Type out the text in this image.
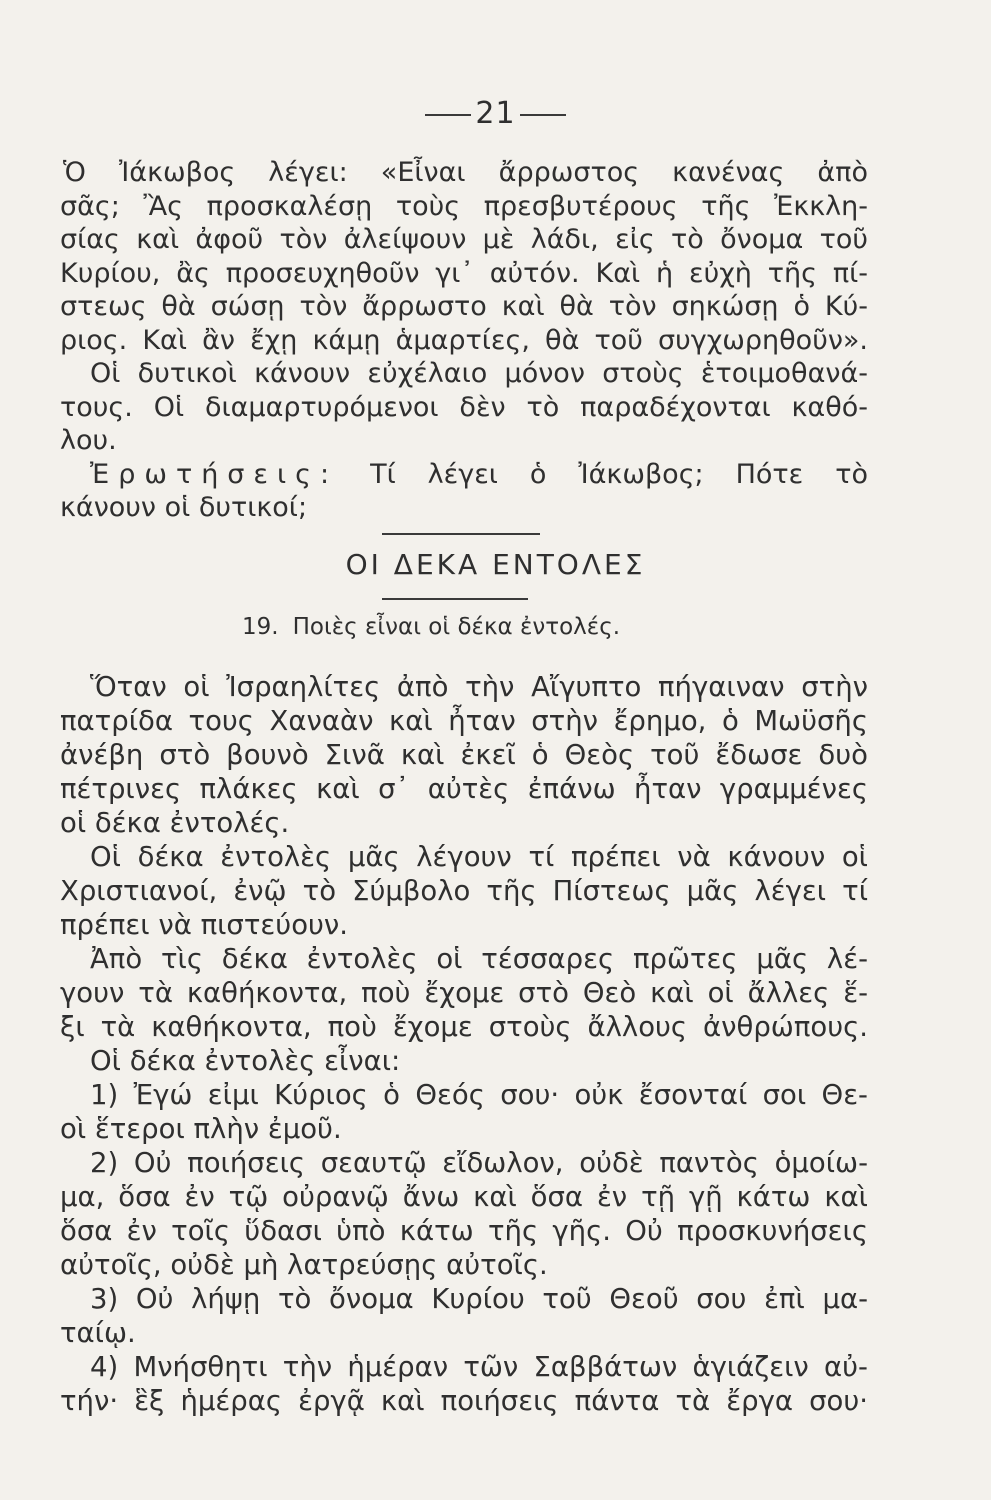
21
Ὁ Ἰάκωβος λέγει: «Εἶναι ἄρρωστος κανένας ἀπὸ
σᾶς; Ἂς προσκαλέσῃ τοὺς πρεσβυτέρους τῆς Ἐκκλη-
σίας καὶ ἀφοῦ τὸν ἀλείψουν μὲ λάδι, εἰς τὸ ὄνομα τοῦ
Κυρίου, ἂς προσευχηθοῦν γι᾽ αὐτόν. Καὶ ἡ εὐχὴ τῆς πί-
στεως θὰ σώσῃ τὸν ἄρρωστο καὶ θὰ τὸν σηκώσῃ ὁ Κύ-
ριος. Καὶ ἂν ἔχῃ κάμῃ ἁμαρτίες, θὰ τοῦ συγχωρηθοῦν».
Οἱ δυτικοὶ κάνουν εὐχέλαιο μόνον στοὺς ἑτοιμοθανά-
τους. Οἱ διαμαρτυρόμενοι δὲν τὸ παραδέχονται καθό-
λου.
Ἐρωτήσεις: Τί λέγει ὁ Ἰάκωβος; Πότε τὸ
κάνουν οἱ δυτικοί;
ΟΙ ΔΕΚΑ ΕΝΤΟΛΕΣ
19. Ποιὲς εἶναι οἱ δέκα ἐντολές.
Ὅταν οἱ Ἰσραηλίτες ἀπὸ τὴν Αἴγυπτο πήγαιναν στὴν
πατρίδα τους Χαναὰν καὶ ἦταν στὴν ἔρημο, ὁ Μωϋσῆς
ἀνέβη στὸ βουνὸ Σινᾶ καὶ ἐκεῖ ὁ Θεὸς τοῦ ἔδωσε δυὸ
πέτρινες πλάκες καὶ σ᾽ αὐτὲς ἐπάνω ἦταν γραμμένες
οἱ δέκα ἐντολές.
Οἱ δέκα ἐντολὲς μᾶς λέγουν τί πρέπει νὰ κάνουν οἱ
Χριστιανοί, ἐνῷ τὸ Σύμβολο τῆς Πίστεως μᾶς λέγει τί
πρέπει νὰ πιστεύουν.
Ἀπὸ τὶς δέκα ἐντολὲς οἱ τέσσαρες πρῶτες μᾶς λέ-
γουν τὰ καθήκοντα, ποὺ ἔχομε στὸ Θεὸ καὶ οἱ ἄλλες ἕ-
ξι τὰ καθήκοντα, ποὺ ἔχομε στοὺς ἄλλους ἀνθρώπους.
Οἱ δέκα ἐντολὲς εἶναι:
1) Ἐγώ εἰμι Κύριος ὁ Θεός σου· οὐκ ἔσονταί σοι Θε-
οὶ ἕτεροι πλὴν ἐμοῦ.
2) Οὐ ποιήσεις σεαυτῷ εἴδωλον, οὐδὲ παντὸς ὁμοίω-
μα, ὅσα ἐν τῷ οὐρανῷ ἄνω καὶ ὅσα ἐν τῇ γῇ κάτω καὶ
ὅσα ἐν τοῖς ὕδασι ὑπὸ κάτω τῆς γῆς. Οὐ προσκυνήσεις
αὐτοῖς, οὐδὲ μὴ λατρεύσῃς αὐτοῖς.
3) Οὐ λήψῃ τὸ ὄνομα Κυρίου τοῦ Θεοῦ σου ἐπὶ μα-
ταίῳ.
4) Μνήσθητι τὴν ἡμέραν τῶν Σαββάτων ἁγιάζειν αὐ-
τήν· ἓξ ἡμέρας ἐργᾷ καὶ ποιήσεις πάντα τὰ ἔργα σου·
